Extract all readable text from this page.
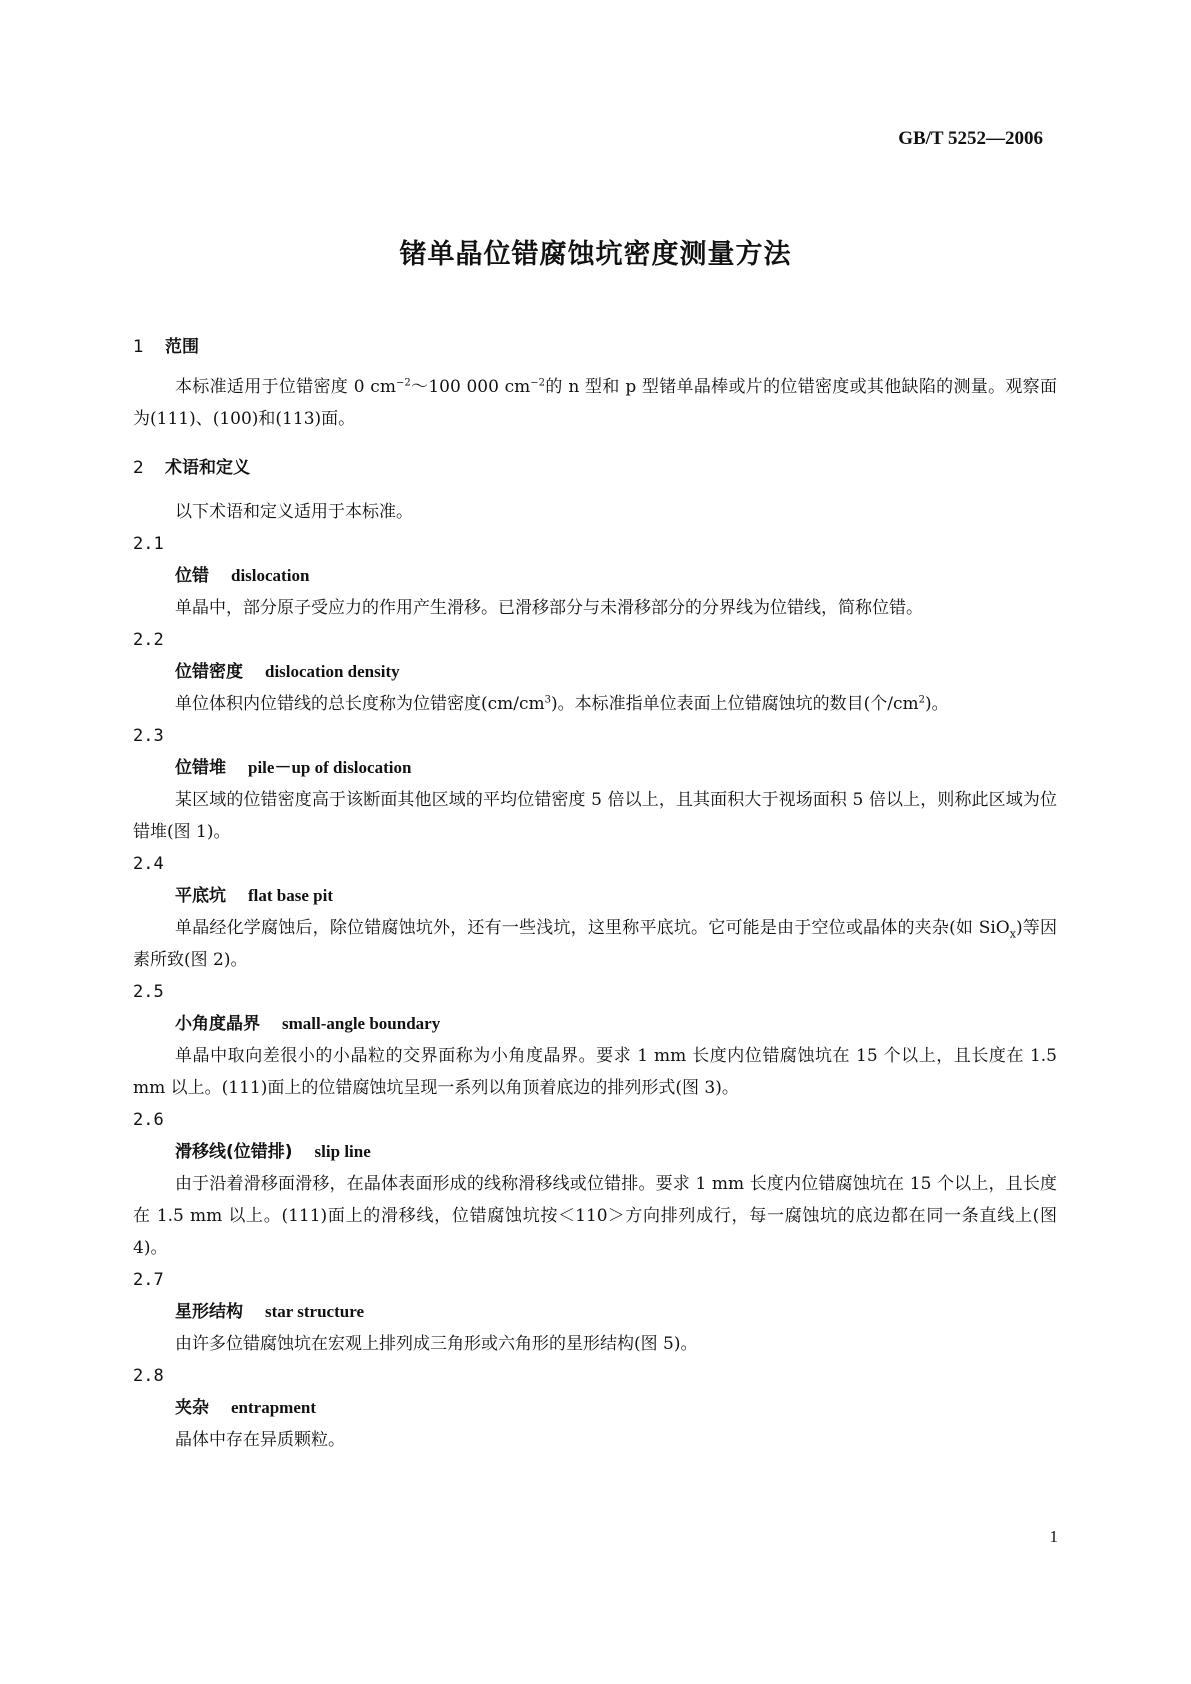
GB/T 5252—2006
锗单晶位错腐蚀坑密度测量方法
1 范围

本标准适用于位错密度 0 $cm^{-2}\sim 100$ 000 $cm^{-2}$的 n 型和 p 型锗单晶棒或片的位错密度或其他缺陷的测量。观察面为(111)、(100)和(113)面。

2 术语和定义

以下术语和定义适用于本标准。

2.1
位错 dislocation

单晶中，部分原子受应力的作用产生滑移。已滑移部分与未滑移部分的分界线为位错线，简称位错。

2.2
位错密度 dislocation density

单位体积内位错线的总长度称为位错密度$(cm/cm^3)$。本标准指单位表面上位错腐蚀坑的数目(个$/cm^2$)。

2.3
位错堆 pile－up of dislocation

某区域的位错密度高于该断面其他区域的平均位错密度 5 倍以上，且其面积大于视场面积 5 倍以上，则称此区域为位错堆(图 1)。

2.4
平底坑 flat base pit

单晶经化学腐蚀后，除位错腐蚀坑外，还有一些浅坑，这里称平底坑。它可能是由于空位或晶体的夹杂(如 SiO$_x$)等因素所致(图 2)。

2.5
小角度晶界 small-angle boundary

单晶中取向差很小的小晶粒的交界面称为小角度晶界。要求 1 mm 长度内位错腐蚀坑在 15 个以上，且长度在 1.5 mm 以上。(111)面上的位错腐蚀坑呈现一系列以角顶着底边的排列形式(图 3)。

2.6
滑移线(位错排) slip line

由于沿着滑移面滑移，在晶体表面形成的线称滑移线或位错排。要求 1 mm 长度内位错腐蚀坑在 15 个以上，且长度在 1.5 mm 以上。(111)面上的滑移线，位错腐蚀坑按＜110＞方向排列成行，每一腐蚀坑的底边都在同一条直线上(图 4)。

2.7
星形结构 star structure

由许多位错腐蚀坑在宏观上排列成三角形或六角形的星形结构(图 5)。

2.8
夹杂 entrapment

晶体中存在异质颗粒。

1
